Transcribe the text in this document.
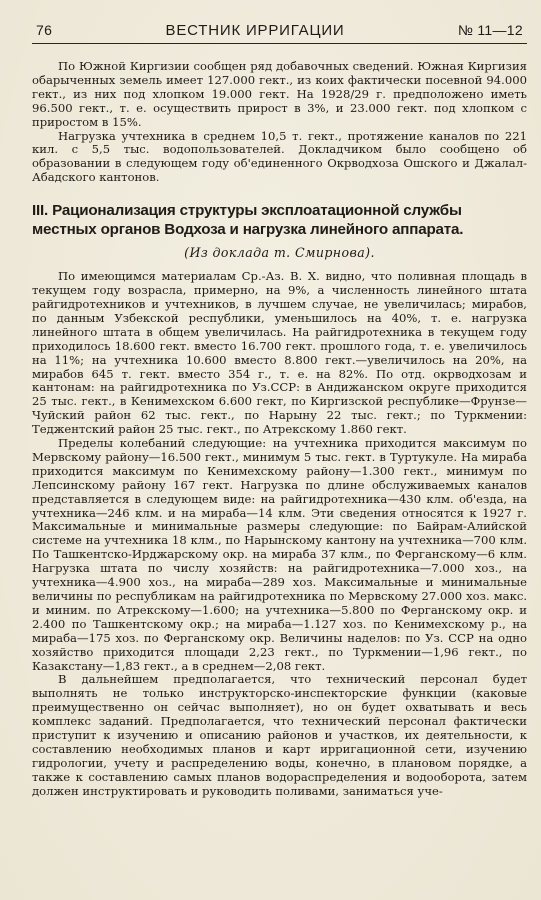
76	ВЕСТНИК ИРРИГАЦИИ	№ 11—12

По Южной Киргизии сообщен ряд добавочных сведений. Южная Киргизия обарыченных земель имеет 127.000 гект., из коих фактически посевной 94.000 гект., из них под хлопком 19.000 гект. На 1928/29 г. предположено иметь 96.500 гект., т. е. осуществить прирост в 3%, и 23.000 гект. под хлопком с приростом в 15%.

Нагрузка учтехника в среднем 10,5 т. гект., протяжение каналов по 221 кил. с 5,5 тыс. водопользователей. Докладчиком было сообщено об образовании в следующем году об'единенного Окрводхоза Ошского и Джалал-Абадского кантонов.

III. Рационализация структуры эксплоатационной службы местных органов Водхоза и нагрузка линейного аппарата.
(Из доклада т. Смирнова).

По имеющимся материалам Ср.-Аз. В. Х. видно, что поливная площадь в текущем году возрасла, примерно, на 9%, а численность линейного штата райгидротехников и учтехников, в лучшем случае, не увеличилась; мирабов, по данным Узбекской республики, уменьшилось на 40%, т. е. нагрузка линейного штата в общем увеличилась. На райгидротехника в текущем году приходилось 18.600 гект. вместо 16.700 гект. прошлого года, т. е. увеличилось на 11%; на учтехника 10.600 вместо 8.800 гект.—увеличилось на 20%, на мирабов 645 т. гект. вместо 354 г., т. е. на 82%. По отд. окрводхозам и кантонам: на райгидротехника по Уз.ССР: в Андижанском округе приходится 25 тыс. гект., в Кенимехском 6.600 гект, по Киргизской республике—Фрунзе—Чуйский район 62 тыс. гект., по Нарыну 22 тыс. гект.; по Туркмении: Теджентский район 25 тыс. гект., по Атрекскому 1.860 гект.

Пределы колебаний следующие: на учтехника приходится максимум по Мервскому району—16.500 гект., минимум 5 тыс. гект. в Туртукуле. На мираба приходится максимум по Кенимехскому району—1.300 гект., минимум по Лепсинскому району 167 гект. Нагрузка по длине обслуживаемых каналов представляется в следующем виде: на райгидротехника—430 клм. об'езда, на учтехника—246 клм. и на мираба—14 клм. Эти сведения относятся к 1927 г. Максимальные и минимальные размеры следующие: по Байрам-Алийской системе на учтехника 18 клм., по Нарынскому кантону на учтехника—700 клм. По Ташкентско-Ирджарскому окр. на мираба 37 клм., по Ферганскому—6 клм. Нагрузка штата по числу хозяйств: на райгидротехника—7.000 хоз., на учтехника—4.900 хоз., на мираба—289 хоз. Максимальные и минимальные величины по республикам на райгидротехника по Мервскому 27.000 хоз. макс. и миним. по Атрекскому—1.600; на учтехника—5.800 по Ферганскому окр. и 2.400 по Ташкентскому окр.; на мираба—1.127 хоз. по Кенимехскому р., на мираба—175 хоз. по Ферганскому окр. Величины наделов: по Уз. ССР на одно хозяйство приходится площади 2,23 гект., по Туркмении—1,96 гект., по Казакстану—1,83 гект., а в среднем—2,08 гект.

В дальнейшем предполагается, что технический персонал будет выполнять не только инструкторско-инспекторские функции (каковые преимущественно он сейчас выполняет), но он будет охватывать и весь комплекс заданий. Предполагается, что технический персонал фактически приступит к изучению и описанию районов и участков, их деятельности, к составлению необходимых планов и карт ирригационной сети, изучению гидрологии, учету и распределению воды, конечно, в плановом порядке, а также к составлению самых планов водораспределения и водооборота, затем должен инструктировать и руководить поливами, заниматься уче-
